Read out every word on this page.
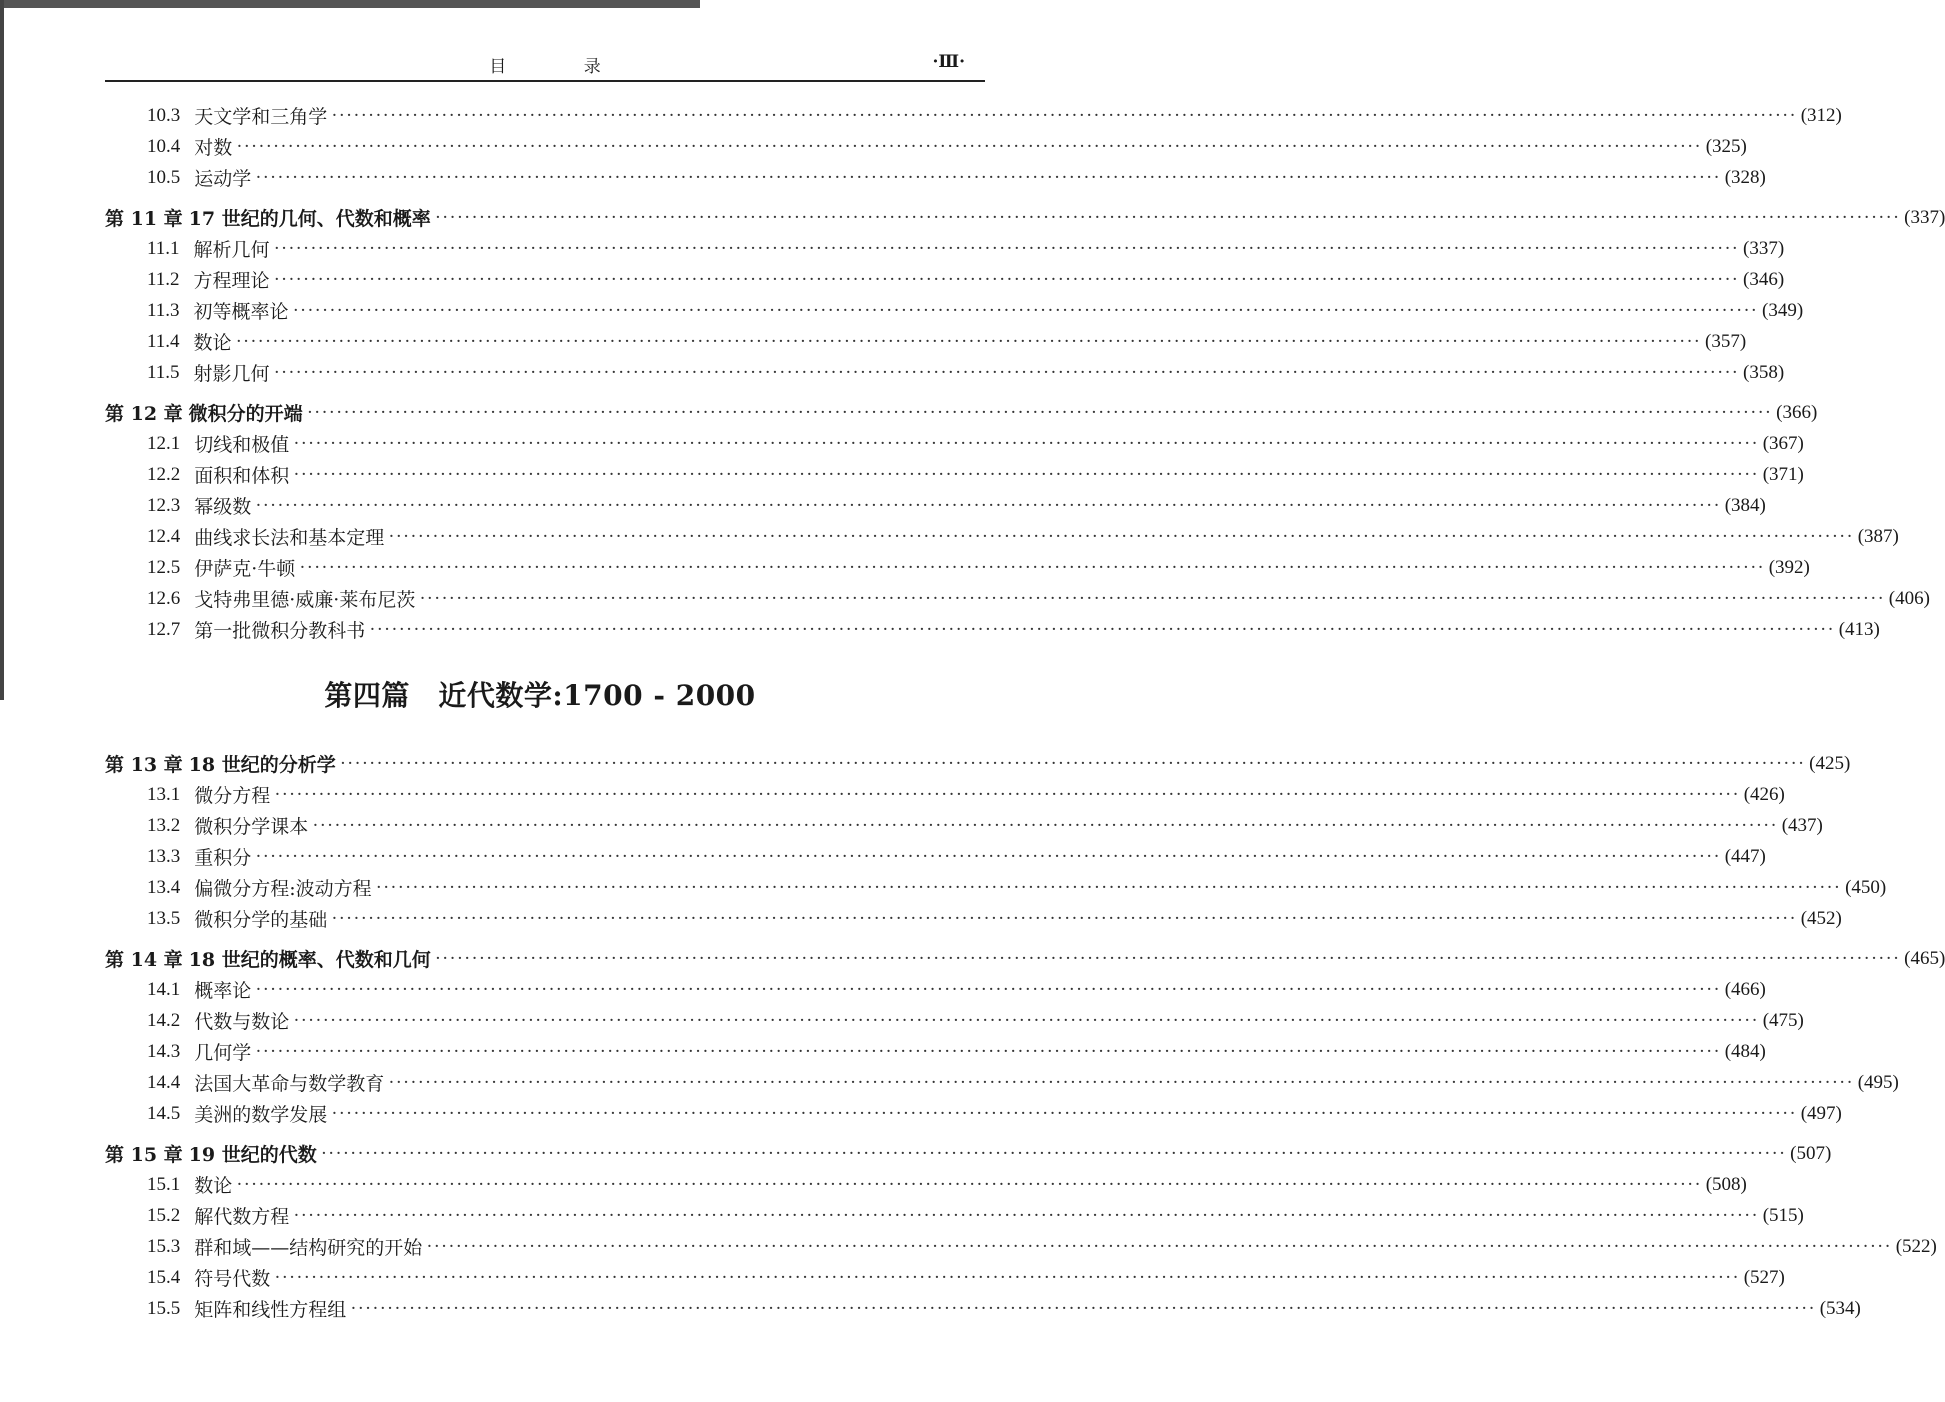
目 录	·Ⅲ·
10.3 天文学和三角学 ········································································································································································································ (312)
10.4 对数 ········································································································································································································ (325)
10.5 运动学 ········································································································································································································ (328)
第 11 章 17 世纪的几何、代数和概率 ········································································································································································································ (337)
11.1 解析几何 ········································································································································································································ (337)
11.2 方程理论 ········································································································································································································ (346)
11.3 初等概率论 ········································································································································································································ (349)
11.4 数论 ········································································································································································································ (357)
11.5 射影几何 ········································································································································································································ (358)
第 12 章 微积分的开端 ········································································································································································································ (366)
12.1 切线和极值 ········································································································································································································ (367)
12.2 面积和体积 ········································································································································································································ (371)
12.3 幂级数 ········································································································································································································ (384)
12.4 曲线求长法和基本定理 ········································································································································································································ (387)
12.5 伊萨克·牛顿 ········································································································································································································ (392)
12.6 戈特弗里德·威廉·莱布尼茨 ········································································································································································································ (406)
12.7 第一批微积分教科书 ········································································································································································································ (413)
第四篇　近代数学:1700 - 2000
第 13 章 18 世纪的分析学 ········································································································································································································ (425)
13.1 微分方程 ········································································································································································································ (426)
13.2 微积分学课本 ········································································································································································································ (437)
13.3 重积分 ········································································································································································································ (447)
13.4 偏微分方程:波动方程 ········································································································································································································ (450)
13.5 微积分学的基础 ········································································································································································································ (452)
第 14 章 18 世纪的概率、代数和几何 ········································································································································································································ (465)
14.1 概率论 ········································································································································································································ (466)
14.2 代数与数论 ········································································································································································································ (475)
14.3 几何学 ········································································································································································································ (484)
14.4 法国大革命与数学教育 ········································································································································································································ (495)
14.5 美洲的数学发展 ········································································································································································································ (497)
第 15 章 19 世纪的代数 ········································································································································································································ (507)
15.1 数论 ········································································································································································································ (508)
15.2 解代数方程 ········································································································································································································ (515)
15.3 群和域——结构研究的开始 ········································································································································································································ (522)
15.4 符号代数 ········································································································································································································ (527)
15.5 矩阵和线性方程组 ········································································································································································································ (534)
